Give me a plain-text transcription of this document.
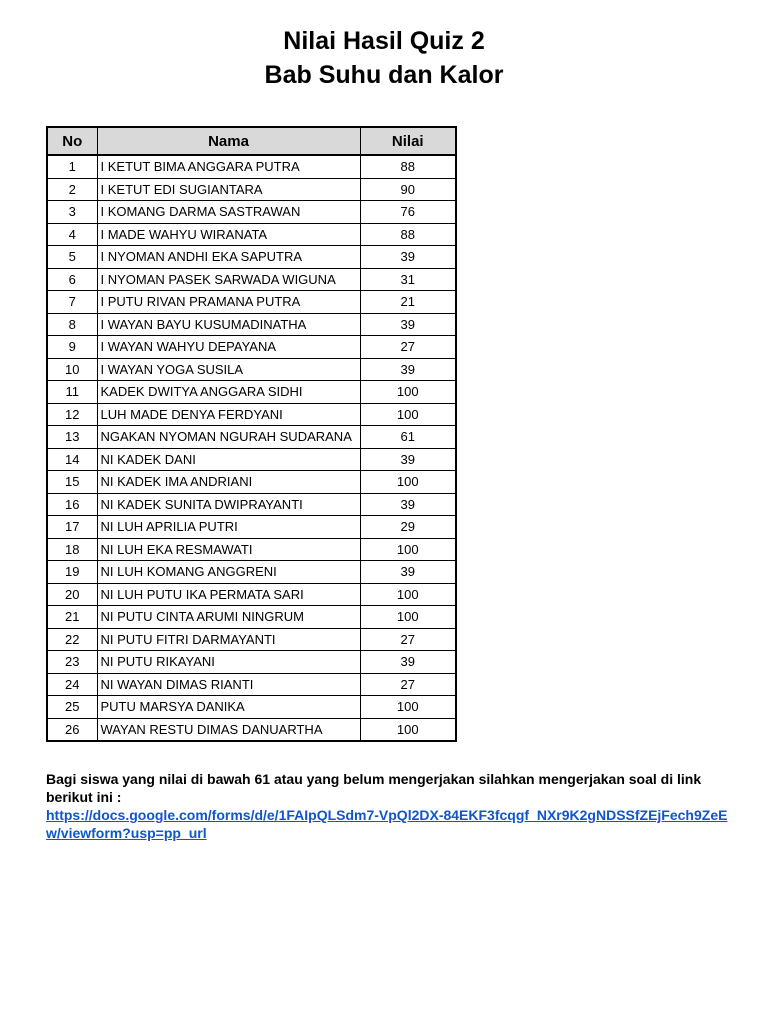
Nilai Hasil Quiz 2
Bab Suhu dan Kalor
No	Nama	Nilai
1	I KETUT BIMA ANGGARA PUTRA	88
2	I KETUT EDI SUGIANTARA	90
3	I KOMANG DARMA SASTRAWAN	76
4	I MADE WAHYU WIRANATA	88
5	I NYOMAN ANDHI EKA SAPUTRA	39
6	I NYOMAN PASEK SARWADA WIGUNA	31
7	I PUTU RIVAN PRAMANA PUTRA	21
8	I WAYAN BAYU KUSUMADINATHA	39
9	I WAYAN WAHYU DEPAYANA	27
10	I WAYAN YOGA SUSILA	39
11	KADEK DWITYA ANGGARA SIDHI	100
12	LUH MADE DENYA FERDYANI	100
13	NGAKAN NYOMAN NGURAH SUDARANA	61
14	NI KADEK DANI	39
15	NI KADEK IMA ANDRIANI	100
16	NI KADEK SUNITA DWIPRAYANTI	39
17	NI LUH APRILIA PUTRI	29
18	NI LUH EKA RESMAWATI	100
19	NI LUH KOMANG ANGGRENI	39
20	NI LUH PUTU IKA PERMATA SARI	100
21	NI PUTU CINTA ARUMI NINGRUM	100
22	NI PUTU FITRI DARMAYANTI	27
23	NI PUTU RIKAYANI	39
24	NI WAYAN DIMAS RIANTI	27
25	PUTU MARSYA DANIKA	100
26	WAYAN RESTU DIMAS DANUARTHA	100
Bagi siswa yang nilai di bawah 61 atau yang belum mengerjakan silahkan mengerjakan soal di link berikut ini :
https://docs.google.com/forms/d/e/1FAIpQLSdm7-VpQl2DX-84EKF3fcqgf_NXr9K2gNDSSfZEjFech9ZeEw/viewform?usp=pp_url
